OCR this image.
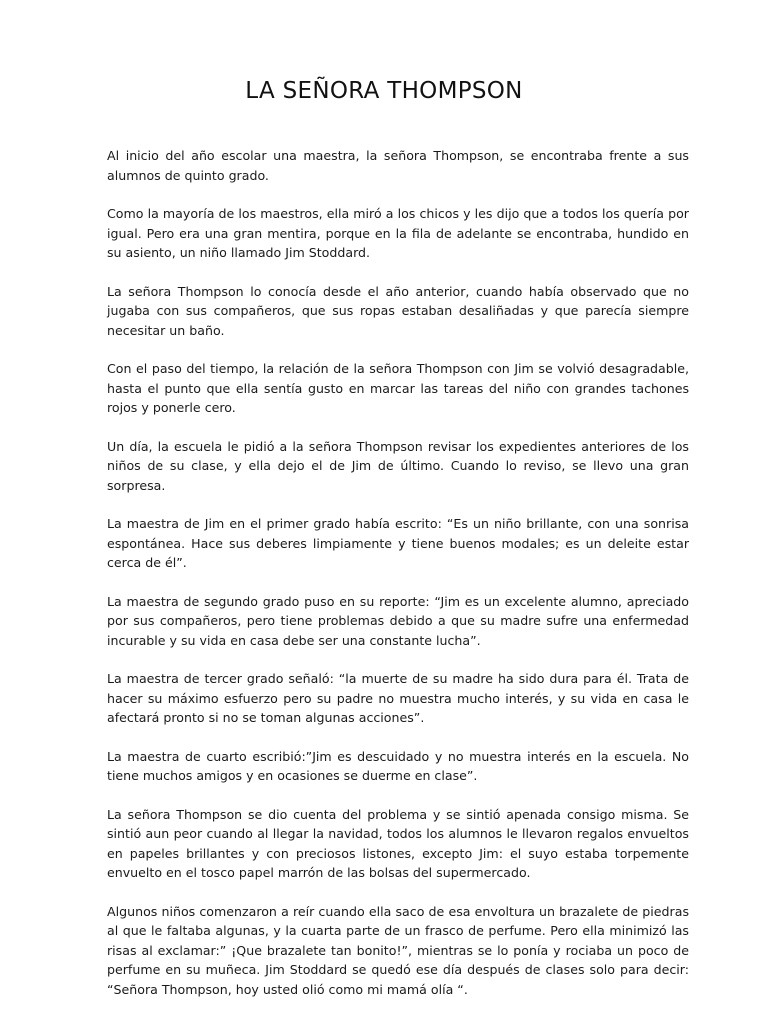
LA SEÑORA THOMPSON

Al inicio del año escolar una maestra, la señora Thompson, se encontraba frente a sus alumnos de quinto grado.

Como la mayoría de los maestros, ella miró a los chicos y les dijo que a todos los quería por igual. Pero era una gran mentira, porque en la fila de adelante se encontraba, hundido en su asiento, un niño llamado Jim Stoddard.

La señora Thompson lo conocía desde el año anterior, cuando había observado que no jugaba con sus compañeros, que sus ropas estaban desaliñadas y que parecía siempre necesitar un baño.

Con el paso del tiempo, la relación de la señora Thompson con Jim se volvió desagradable, hasta el punto que ella sentía gusto en marcar las tareas del niño con grandes tachones rojos y ponerle cero.

Un día, la escuela le pidió a la señora Thompson revisar los expedientes anteriores de los niños de su clase, y ella dejo el de Jim de último. Cuando lo reviso, se llevo una gran sorpresa.

La maestra de Jim en el primer grado había escrito: “Es un niño brillante, con una sonrisa espontánea. Hace sus deberes limpiamente y tiene buenos modales; es un deleite estar cerca de él”.

La maestra de segundo grado puso en su reporte: “Jim es un excelente alumno, apreciado por sus compañeros, pero tiene problemas debido a que su madre sufre una enfermedad incurable y su vida en casa debe ser una constante lucha”.

La maestra de tercer grado señaló: “la muerte de su madre ha sido dura para él. Trata de hacer su máximo esfuerzo pero su padre no muestra mucho interés, y su vida en casa le afectará pronto si no se toman algunas acciones”.

La maestra de cuarto escribió:”Jim es descuidado y no muestra interés en la escuela. No tiene muchos amigos y en ocasiones se duerme en clase”.

La señora Thompson se dio cuenta del problema y se sintió apenada consigo misma. Se sintió aun peor cuando al llegar la navidad, todos los alumnos le llevaron regalos envueltos en papeles brillantes y con preciosos listones, excepto Jim: el suyo estaba torpemente envuelto en el tosco papel marrón de las bolsas del supermercado.

Algunos niños comenzaron a reír cuando ella saco de esa envoltura un brazalete de piedras al que le faltaba algunas, y la cuarta parte de un frasco de perfume. Pero ella minimizó las risas al exclamar:” ¡Que brazalete tan bonito!”, mientras se lo ponía y rociaba un poco de perfume en su muñeca. Jim Stoddard se quedó ese día después de clases solo para decir: “Señora Thompson, hoy usted olió como mi mamá olía “.
